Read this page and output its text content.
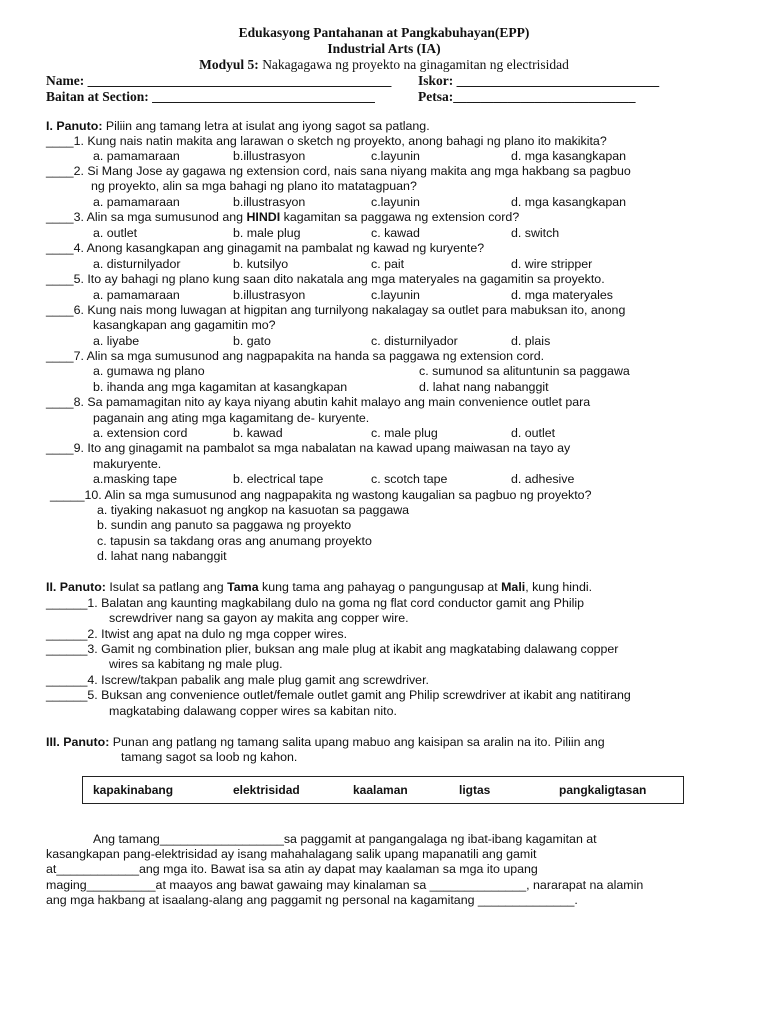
Edukasyong Pantahanan at Pangkabuhayan(EPP)
Industrial Arts (IA)
Modyul 5: Nakagagawa ng proyekto na ginagamitan ng electrisidad
Name: _____________________________________________ Iskor: ______________________________
Baitan at Section: _________________________________	Petsa:___________________________
I. Panuto: Piliin ang tamang letra at isulat ang iyong sagot sa patlang.
____1. Kung nais natin makita ang larawan o sketch ng proyekto, anong bahagi ng plano ito makikita?
a. pamamaraan	b.illustrasyon	c.layunin	d. mga kasangkapan
____2. Si Mang Jose ay gagawa ng extension cord, nais sana niyang makita ang mga hakbang sa pagbuo
ng proyekto, alin sa mga bahagi ng plano ito matatagpuan?
a. pamamaraan	b.illustrasyon	c.layunin	d. mga kasangkapan
____3. Alin sa mga sumusunod ang HINDI kagamitan sa paggawa ng extension cord?
a. outlet	b. male plug	c. kawad	d. switch
____4. Anong kasangkapan ang ginagamit na pambalat ng kawad ng kuryente?
a. disturnilyador	b. kutsilyo	c. pait	d. wire stripper
____5. Ito ay bahagi ng plano kung saan dito nakatala ang mga materyales na gagamitin sa proyekto.
a. pamamaraan	b.illustrasyon	c.layunin	d. mga materyales
____6. Kung nais mong luwagan at higpitan ang turnilyong nakalagay sa outlet para mabuksan ito, anong
kasangkapan ang gagamitin mo?
a. liyabe	b. gato	c. disturnilyador	d. plais
____7. Alin sa mga sumusunod ang nagpapakita na handa sa paggawa ng extension cord.
a. gumawa ng plano	c. sumunod sa alituntunin sa paggawa
b. ihanda ang mga kagamitan at kasangkapan	d. lahat nang nabanggit
____8. Sa pamamagitan nito ay kaya niyang abutin kahit malayo ang main convenience outlet para
paganain ang ating mga kagamitang de- kuryente.
a. extension cord	b. kawad	c. male plug	d. outlet
____9. Ito ang ginagamit na pambalot sa mga nabalatan na kawad upang maiwasan na tayo ay
makuryente.
a.masking tape	b. electrical tape	c. scotch tape	d. adhesive
_____10. Alin sa mga sumusunod ang nagpapakita ng wastong kaugalian sa pagbuo ng proyekto?
a. tiyaking nakasuot ng angkop na kasuotan sa paggawa
b. sundin ang panuto sa paggawa ng proyekto
c. tapusin sa takdang oras ang anumang proyekto
d. lahat nang nabanggit
II. Panuto: Isulat sa patlang ang Tama kung tama ang pahayag o pangungusap at Mali, kung hindi.
______1. Balatan ang kaunting magkabilang dulo na goma ng flat cord conductor gamit ang Philip
screwdriver nang sa gayon ay makita ang copper wire.
______2. Itwist ang apat na dulo ng mga copper wires.
______3. Gamit ng combination plier, buksan ang male plug at ikabit ang magkatabing dalawang copper
wires sa kabitang ng male plug.
______4. Iscrew/takpan pabalik ang male plug gamit ang screwdriver.
______5. Buksan ang convenience outlet/female outlet gamit ang Philip screwdriver at ikabit ang natitirang
magkatabing dalawang copper wires sa kabitan nito.
III. Panuto: Punan ang patlang ng tamang salita upang mabuo ang kaisipan sa aralin na ito. Piliin ang
tamang sagot sa loob ng kahon.
kapakinabang	elektrisidad	kaalaman	ligtas	pangkaligtasan
Ang tamang__________________sa paggamit at pangangalaga ng ibat-ibang kagamitan at
kasangkapan pang-elektrisidad ay isang mahahalagang salik upang mapanatili ang gamit
at____________ang mga ito. Bawat isa sa atin ay dapat may kaalaman sa mga ito upang
maging__________at maayos ang bawat gawaing may kinalaman sa ______________, nararapat na alamin
ang mga hakbang at isaalang-alang ang paggamit ng personal na kagamitang ______________.
